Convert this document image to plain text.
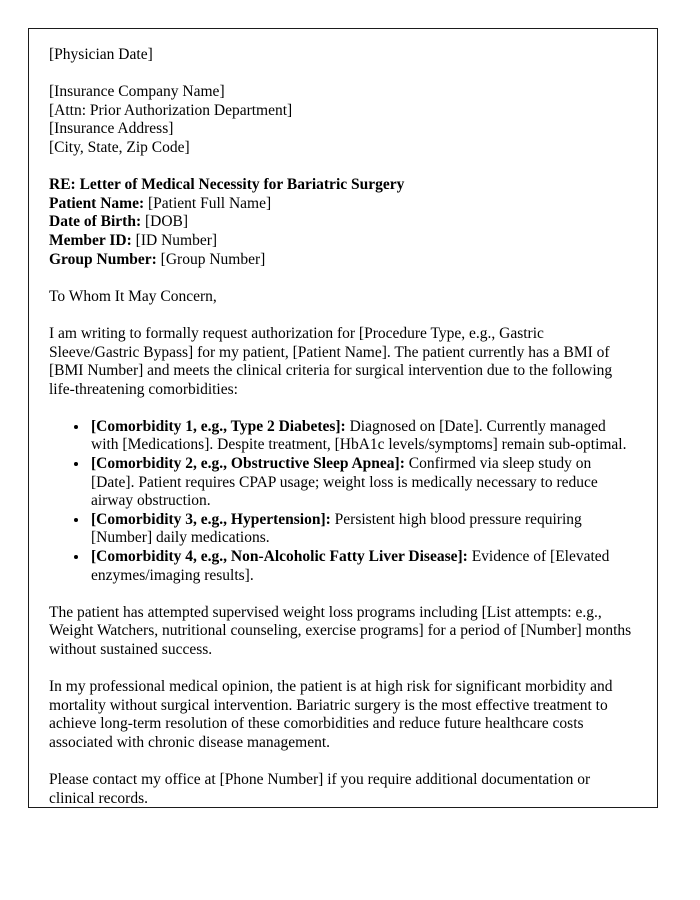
[Physician Date]

[Insurance Company Name]
[Attn: Prior Authorization Department]
[Insurance Address]
[City, State, Zip Code]

RE: Letter of Medical Necessity for Bariatric Surgery
Patient Name: [Patient Full Name]
Date of Birth: [DOB]
Member ID: [ID Number]
Group Number: [Group Number]

To Whom It May Concern,

I am writing to formally request authorization for [Procedure Type, e.g., Gastric Sleeve/Gastric Bypass] for my patient, [Patient Name]. The patient currently has a BMI of [BMI Number] and meets the clinical criteria for surgical intervention due to the following life-threatening comorbidities:

• [Comorbidity 1, e.g., Type 2 Diabetes]: Diagnosed on [Date]. Currently managed with [Medications]. Despite treatment, [HbA1c levels/symptoms] remain sub-optimal.
• [Comorbidity 2, e.g., Obstructive Sleep Apnea]: Confirmed via sleep study on [Date]. Patient requires CPAP usage; weight loss is medically necessary to reduce airway obstruction.
• [Comorbidity 3, e.g., Hypertension]: Persistent high blood pressure requiring [Number] daily medications.
• [Comorbidity 4, e.g., Non-Alcoholic Fatty Liver Disease]: Evidence of [Elevated enzymes/imaging results].

The patient has attempted supervised weight loss programs including [List attempts: e.g., Weight Watchers, nutritional counseling, exercise programs] for a period of [Number] months without sustained success.

In my professional medical opinion, the patient is at high risk for significant morbidity and mortality without surgical intervention. Bariatric surgery is the most effective treatment to achieve long-term resolution of these comorbidities and reduce future healthcare costs associated with chronic disease management.

Please contact my office at [Phone Number] if you require additional documentation or clinical records.
